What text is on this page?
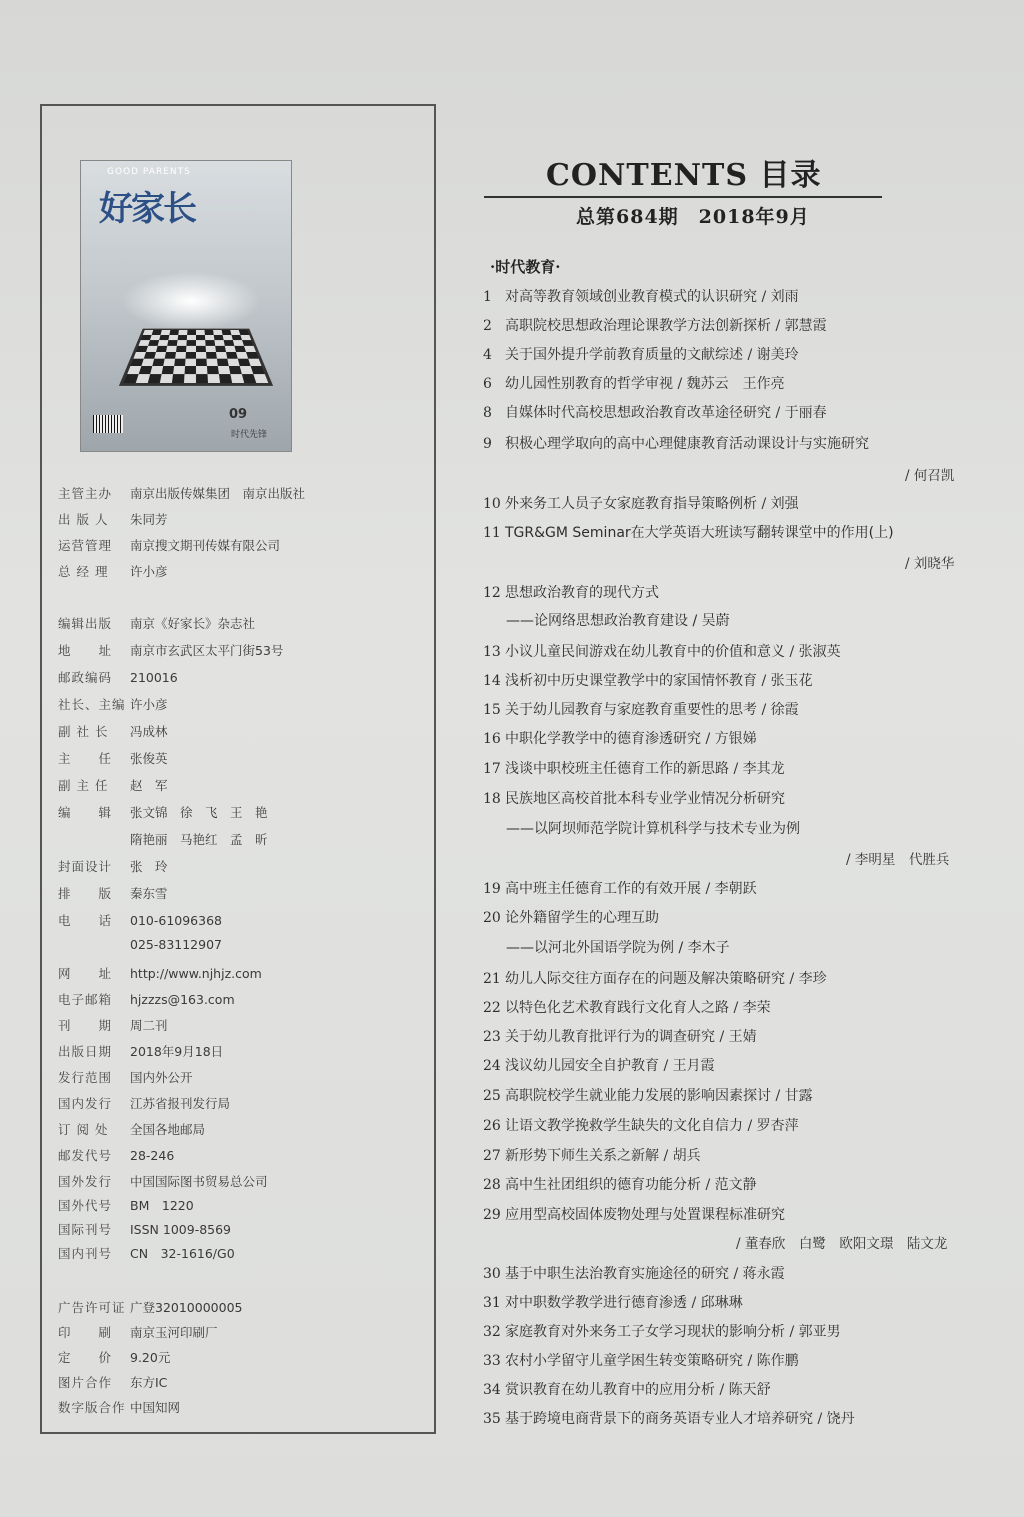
GOOD PARENTS
好家长
09
时代先锋
主管主办 南京出版传媒集团　南京出版社
出 版 人 朱同芳
运营管理 南京搜文期刊传媒有限公司
总 经 理 许小彦
编辑出版 南京《好家长》杂志社
地　　址 南京市玄武区太平门街53号
邮政编码 210016
社长、主编 许小彦
副 社 长 冯成林
主　　任 张俊英
副 主 任 赵　军
编　　辑 张文锦　徐　飞　王　艳
隋艳丽　马艳红　孟　昕
封面设计 张　玲
排　　版 秦东雪
电　　话 010-61096368
025-83112907
网　　址 http://www.njhjz.com
电子邮箱 hjzzzs@163.com
刊　　期 周二刊
出版日期 2018年9月18日
发行范围 国内外公开
国内发行 江苏省报刊发行局
订 阅 处 全国各地邮局
邮发代号 28-246
国外发行 中国国际图书贸易总公司
国外代号 BM　1220
国际刊号 ISSN 1009-8569
国内刊号 CN　32-1616/G0
广告许可证 广登32010000005
印　　刷 南京玉河印刷厂
定　　价 9.20元
图片合作 东方IC
数字版合作 中国知网
CONTENTS 目录
总第684期　2018年9月
·时代教育·
1 对高等教育领域创业教育模式的认识研究 / 刘雨
2 高职院校思想政治理论课教学方法创新探析 / 郭慧霞
4 关于国外提升学前教育质量的文献综述 / 谢美玲
6 幼儿园性别教育的哲学审视 / 魏苏云　王作亮
8 自媒体时代高校思想政治教育改革途径研究 / 于丽春
9 积极心理学取向的高中心理健康教育活动课设计与实施研究
/ 何召凯
10 外来务工人员子女家庭教育指导策略例析 / 刘强
11 TGR&GM Seminar在大学英语大班读写翻转课堂中的作用(上)
/ 刘晓华
12 思想政治教育的现代方式
——论网络思想政治教育建设 / 吴蔚
13 小议儿童民间游戏在幼儿教育中的价值和意义 / 张淑英
14 浅析初中历史课堂教学中的家国情怀教育 / 张玉花
15 关于幼儿园教育与家庭教育重要性的思考 / 徐霞
16 中职化学教学中的德育渗透研究 / 方银娣
17 浅谈中职校班主任德育工作的新思路 / 李其龙
18 民族地区高校首批本科专业学业情况分析研究
——以阿坝师范学院计算机科学与技术专业为例
/ 李明星　代胜兵
19 高中班主任德育工作的有效开展 / 李朝跃
20 论外籍留学生的心理互助
——以河北外国语学院为例 / 李木子
21 幼儿人际交往方面存在的问题及解决策略研究 / 李珍
22 以特色化艺术教育践行文化育人之路 / 李荣
23 关于幼儿教育批评行为的调查研究 / 王婧
24 浅议幼儿园安全自护教育 / 王月霞
25 高职院校学生就业能力发展的影响因素探讨 / 甘露
26 让语文教学挽救学生缺失的文化自信力 / 罗杏萍
27 新形势下师生关系之新解 / 胡兵
28 高中生社团组织的德育功能分析 / 范文静
29 应用型高校固体废物处理与处置课程标准研究
/ 董春欣　白鹭　欧阳文璟　陆文龙
30 基于中职生法治教育实施途径的研究 / 蒋永霞
31 对中职数学教学进行德育渗透 / 邱琳琳
32 家庭教育对外来务工子女学习现状的影响分析 / 郭亚男
33 农村小学留守儿童学困生转变策略研究 / 陈作鹏
34 赏识教育在幼儿教育中的应用分析 / 陈天舒
35 基于跨境电商背景下的商务英语专业人才培养研究 / 饶丹
